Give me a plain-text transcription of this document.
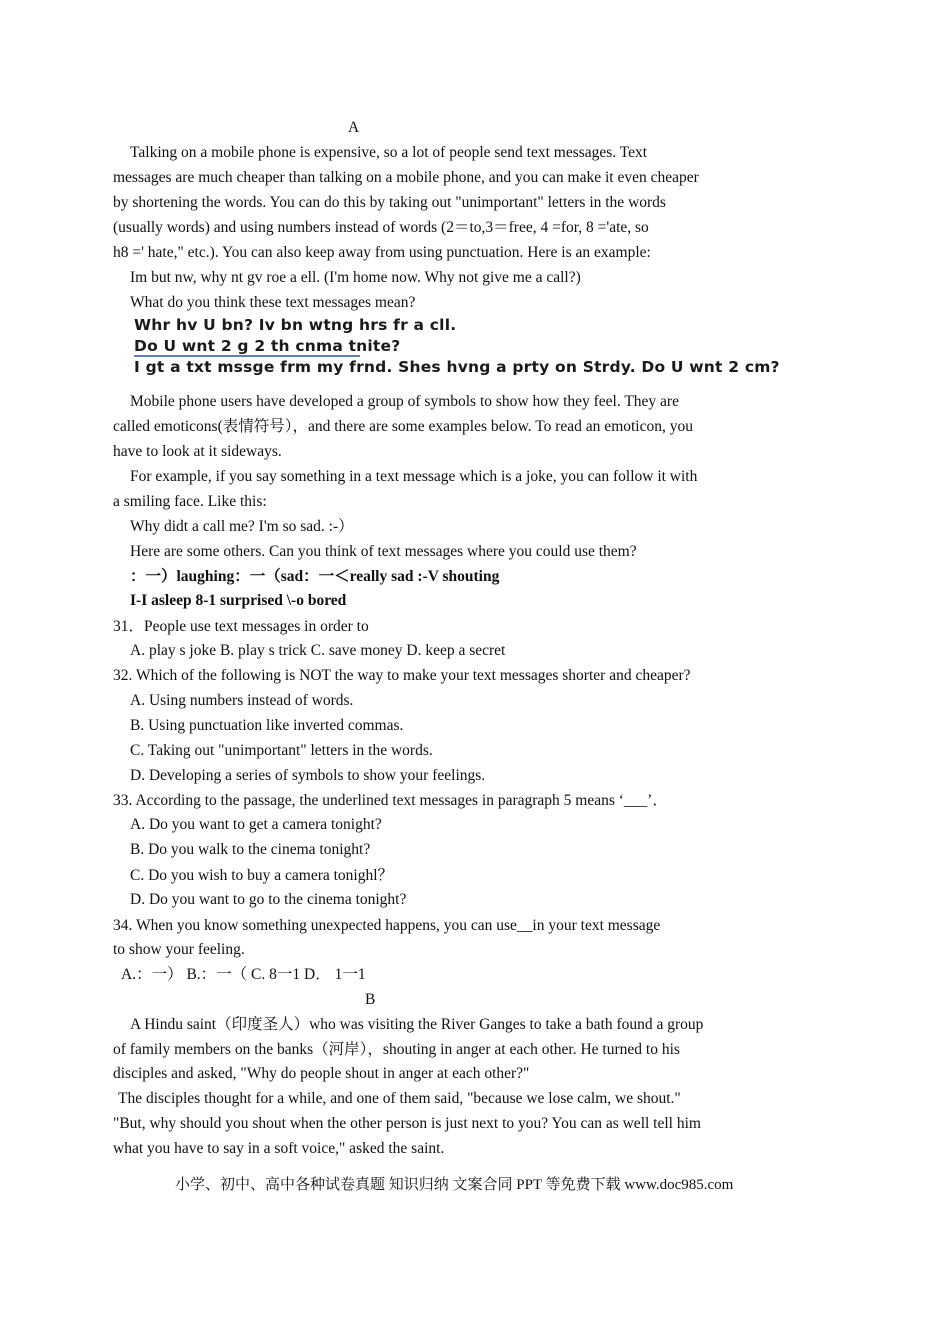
A
Talking on a mobile phone is expensive, so a lot of people send text messages. Text
messages are much cheaper than talking on a mobile phone, and you can make it even cheaper
by shortening the words. You can do this by taking out "unimportant" letters in the words
(usually words) and using numbers instead of words (2＝to,3＝free, 4 =for, 8 ='ate, so
h8 =' hate," etc.). You can also keep away from using punctuation. Here is an example:
Im but nw, why nt gv roe a ell. (I'm home now. Why not give me a call?)
What do you think these text messages mean?
Whr hv U bn? Iv bn wtng hrs fr a cll.
Do U wnt 2 g 2 th cnma tnite?
I gt a txt mssge frm my frnd. Shes hvng a prty on Strdy. Do U wnt 2 cm?
Mobile phone users have developed a group of symbols to show how they feel. They are
called emoticons(表情符号），and there are some examples below. To read an emoticon, you
have to look at it sideways.
For example, if you say something in a text message which is a joke, you can follow it with
a smiling face. Like this:
Why didt a call me? I'm so sad. :-）
Here are some others. Can you think of text messages where you could use them?
：一）laughing：一（sad：一＜really sad :-V shouting
I-I asleep 8-1 surprised \-o bored
31．People use text messages in order to
A. play s joke B. play s trick C. save money D. keep a secret
32. Which of the following is NOT the way to make your text messages shorter and cheaper?
A. Using numbers instead of words.
B. Using punctuation like inverted commas.
C. Taking out "unimportant" letters in the words.
D. Developing a series of symbols to show your feelings.
33. According to the passage, the underlined text messages in paragraph 5 means ‘___’．
A. Do you want to get a camera tonight?
B. Do you walk to the cinema tonight?
C. Do you wish to buy a camera tonighl？
D. Do you want to go to the cinema tonight?
34. When you know something unexpected happens, you can use__in your text message
to show your feeling.
A.：一） B.：一（ C. 8一1 D． 1一1
B
A Hindu saint（印度圣人）who was visiting the River Ganges to take a bath found a group
of family members on the banks（河岸），shouting in anger at each other. He turned to his
disciples and asked, "Why do people shout in anger at each other?"
The disciples thought for a while, and one of them said, "because we lose calm, we shout."
"But, why should you shout when the other person is just next to you? You can as well tell him
what you have to say in a soft voice," asked the saint.
小学、初中、高中各种试卷真题 知识归纳 文案合同 PPT 等免费下载 www.doc985.com
